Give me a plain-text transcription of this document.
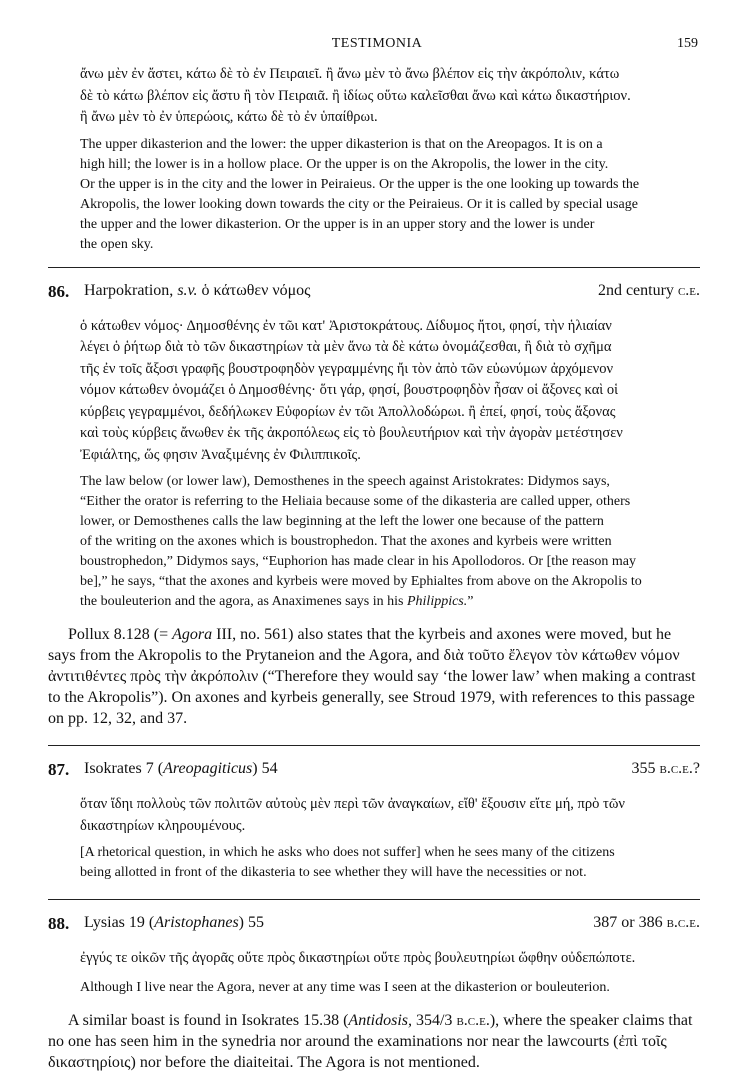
TESTIMONIA	159

ἄνω μὲν ἐν ἄστει, κάτω δὲ τὸ ἐν Πειραιεῖ. ἢ ἄνω μὲν τὸ ἄνω βλέπον εἰς τὴν ἀκρόπολιν, κάτω

δὲ τὸ κάτω βλέπον εἰς ἄστυ ἢ τὸν Πειραιᾶ. ἢ ἰδίως οὕτω καλεῖσθαι ἄνω καὶ κάτω δικαστήριον.

ἢ ἄνω μὲν τὸ ἐν ὑπερώοις, κάτω δὲ τὸ ἐν ὑπαίθρωι.

The upper dikasterion and the lower: the upper dikasterion is that on the Areopagos. It is on a
high hill; the lower is in a hollow place. Or the upper is on the Akropolis, the lower in the city.
Or the upper is in the city and the lower in Peiraieus. Or the upper is the one looking up towards the
Akropolis, the lower looking down towards the city or the Peiraieus. Or it is called by special usage
the upper and the lower dikasterion. Or the upper is in an upper story and the lower is under
the open sky.
86. Harpokration, s.v. ὁ κάτωθεν νόμος	2nd century c.e.

ὁ κάτωθεν νόμος· Δημοσθένης ἐν τῶι κατ' Ἀριστοκράτους. Δίδυμος ἤτοι, φησί, τὴν ἡλιαίαν

λέγει ὁ ῥήτωρ διὰ τὸ τῶν δικαστηρίων τὰ μὲν ἄνω τὰ δὲ κάτω ὀνομάζεσθαι, ἢ διὰ τὸ σχῆμα

τῆς ἐν τοῖς ἄξοσι γραφῆς βουστροφηδὸν γεγραμμένης ἤι τὸν ἀπὸ τῶν εὐωνύμων ἀρχόμενον

νόμον κάτωθεν ὀνομάζει ὁ Δημοσθένης· ὅτι γάρ, φησί, βουστροφηδὸν ἦσαν οἱ ἄξονες καὶ οἱ

κύρβεις γεγραμμένοι, δεδήλωκεν Εὐφορίων ἐν τῶι Ἀπολλοδώρωι. ἢ ἐπεί, φησί, τοὺς ἄξονας

καὶ τοὺς κύρβεις ἄνωθεν ἐκ τῆς ἀκροπόλεως εἰς τὸ βουλευτήριον καὶ τὴν ἀγορὰν μετέστησεν

Ἐφιάλτης, ὥς φησιν Ἀναξιμένης ἐν Φιλιππικοῖς.

The law below (or lower law), Demosthenes in the speech against Aristokrates: Didymos says,
“Either the orator is referring to the Heliaia because some of the dikasteria are called upper, others
lower, or Demosthenes calls the law beginning at the left the lower one because of the pattern
of the writing on the axones which is boustrophedon. That the axones and kyrbeis were written
boustrophedon,” Didymos says, “Euphorion has made clear in his Apollodoros. Or [the reason may
be],” he says, “that the axones and kyrbeis were moved by Ephialtes from above on the Akropolis to
the bouleuterion and the agora, as Anaximenes says in his Philippics.”

Pollux 8.128 (= Agora III, no. 561) also states that the kyrbeis and axones were moved, but he says from the Akropolis to the Prytaneion and the Agora, and διὰ τοῦτο ἔλεγον τὸν κάτωθεν νόμον ἀντιτιθέντες πρὸς τὴν ἀκρόπολιν (“Therefore they would say ‘the lower law’ when making a contrast to the Akropolis”). On axones and kyrbeis generally, see Stroud 1979, with references to this passage on pp. 12, 32, and 37.

87. Isokrates 7 (Areopagiticus) 54	355 b.c.e.?

ὅταν ἴδηι πολλοὺς τῶν πολιτῶν αὐτοὺς μὲν περὶ τῶν ἀναγκαίων, εἴθ' ἕξουσιν εἴτε μή, πρὸ τῶν

δικαστηρίων κληρουμένους.

[A rhetorical question, in which he asks who does not suffer] when he sees many of the citizens
being allotted in front of the dikasteria to see whether they will have the necessities or not.
88. Lysias 19 (Aristophanes) 55	387 or 386 b.c.e.

ἐγγύς τε οἰκῶν τῆς ἀγορᾶς οὔτε πρὸς δικαστηρίωι οὔτε πρὸς βουλευτηρίωι ὤφθην οὐδεπώποτε.

Although I live near the Agora, never at any time was I seen at the dikasterion or bouleuterion.

A similar boast is found in Isokrates 15.38 (Antidosis, 354/3 b.c.e.), where the speaker claims that no one has seen him in the synedria nor around the examinations nor near the lawcourts (ἐπὶ τοῖς δικαστηρίοις) nor before the diaiteitai. The Agora is not mentioned.
